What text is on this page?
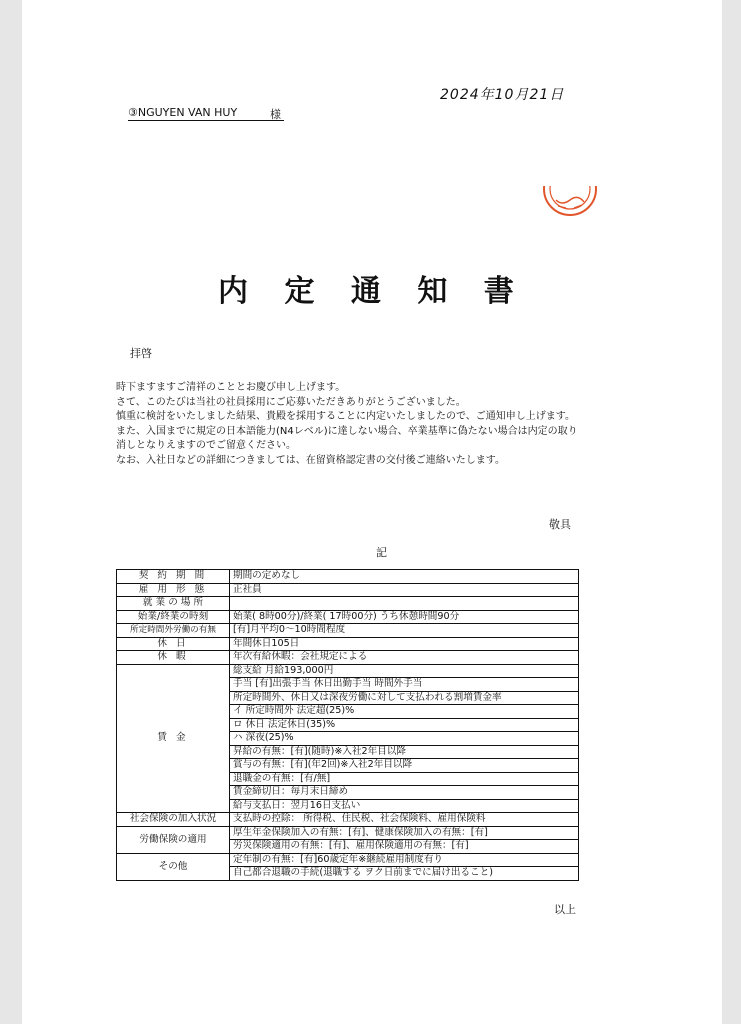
2024年10月21日
③NGUYEN VAN HUY	様
内 定 通 知 書
拝啓

時下ますますご清祥のこととお慶び申し上げます。

さて、このたびは当社の社員採用にご応募いただきありがとうございました。

慎重に検討をいたしました結果、貴殿を採用することに内定いたしましたので、ご通知申し上げます。

また、入国までに規定の日本語能力(N4レベル)に達しない場合、卒業基準に偽たない場合は内定の取り消しとなりえますのでご留意ください。

なお、入社日などの詳細につきましては、在留資格認定書の交付後ご連絡いたします。

敬具
記
契 約 期 間	期間の定めなし
雇 用 形 態	正社員
就 業 の 場 所	
始業/終業の時刻	始業( 8時00分)/終業( 17時00分) うち休憩時間90分
所定時間外労働の有無	[有]月平均0～10時間程度
休 日	年間休日105日
休 暇	年次有給休暇：会社規定による
賃 金	総支給 月給193,000円
	手当 [有]出張手当 休日出勤手当 時間外手当
	所定時間外、休日又は深夜労働に対して支払われる割増賃金率
	イ 所定時間外 法定超(25)%
	ロ 休日 法定休日(35)%
	ハ 深夜(25)%
	昇給の有無：[有](随時)※入社2年目以降
	賞与の有無：[有](年2回)※入社2年目以降
	退職金の有無：[有/無]
	賃金締切日：毎月末日締め
	給与支払日：翌月16日支払い
社会保険の加入状況	支払時の控除： 所得税、住民税、社会保険料、雇用保険料
労働保険の適用	厚生年金保険加入の有無：[有]、健康保険加入の有無：[有]
	労災保険適用の有無：[有]、雇用保険適用の有無：[有]
その他	定年制の有無：[有]60歳定年※継続雇用制度有り
	自己都合退職の手続(退職する ヲク日前までに届け出ること)
以上
